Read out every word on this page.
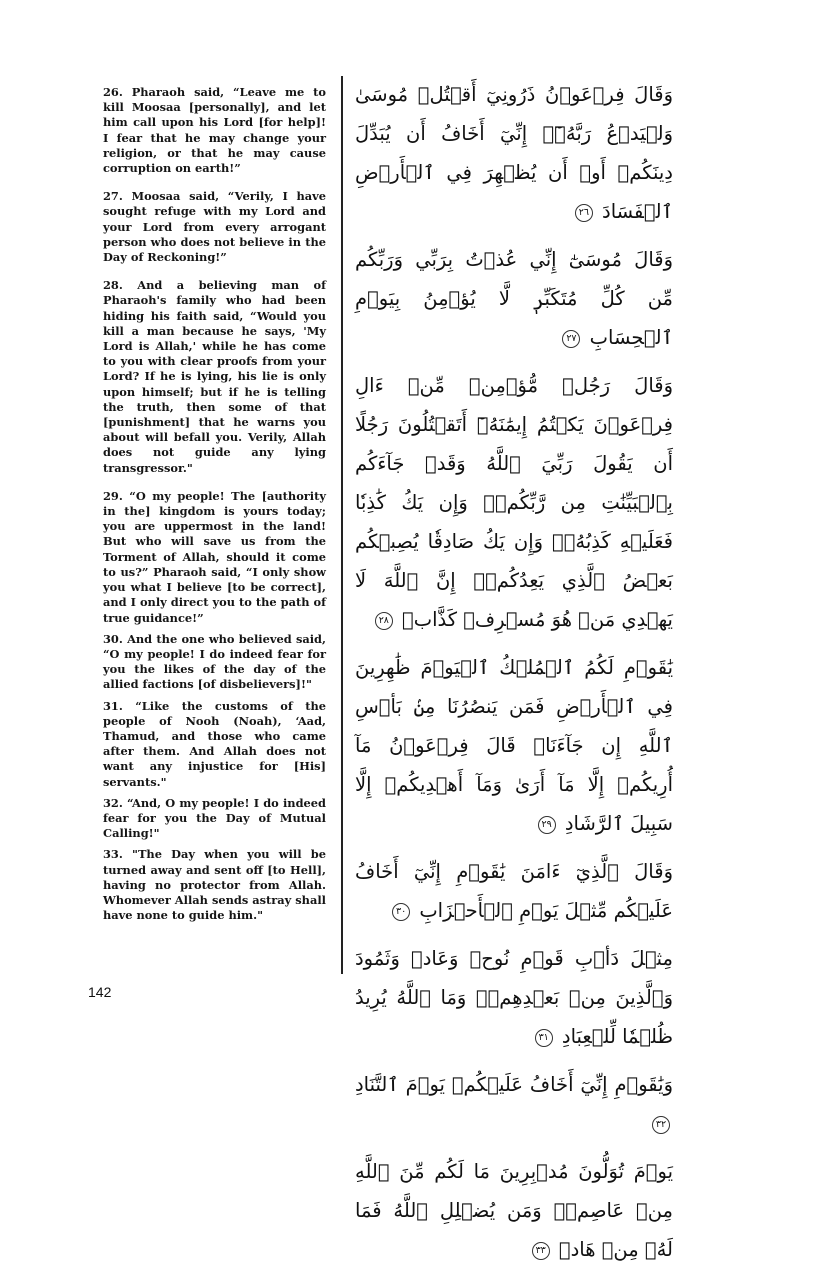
26. Pharaoh said, “Leave me to kill Moosaa [personally], and let him call upon his Lord [for help]! I fear that he may change your religion, or that he may cause corruption on earth!”

27. Moosaa said, “Verily, I have sought refuge with my Lord and your Lord from every arrogant person who does not believe in the Day of Reckoning!”

28. And a believing man of Pharaoh's family who had been hiding his faith said, “Would you kill a man because he says, 'My Lord is Allah,' while he has come to you with clear proofs from your Lord? If he is lying, his lie is only upon himself; but if he is telling the truth, then some of that [punishment] that he warns you about will befall you. Verily, Allah does not guide any lying transgressor."

29. “O my people! The [authority in the] kingdom is yours today; you are uppermost in the land! But who will save us from the Torment of Allah, should it come to us?” Pharaoh said, “I only show you what I believe [to be correct], and I only direct you to the path of true guidance!”

30. And the one who believed said, “O my people! I do indeed fear for you the likes of the day of the allied factions [of disbelievers]!"

31. “Like the customs of the people of Nooh (Noah), ‘Aad, Thamud, and those who came after them. And Allah does not want any injustice for [His] servants."

32. “And, O my people! I do indeed fear for you the Day of Mutual Calling!"

33. "The Day when you will be turned away and sent off [to Hell], having no protector from Allah. Whomever Allah sends astray shall have none to guide him."

وَقَالَ فِرۡعَوۡنُ ذَرُونِيٓ أَقۡتُلۡ مُوسَىٰ وَلۡيَدۡعُ رَبَّهُۥٓۖ إِنِّيٓ أَخَافُ أَن يُبَدِّلَ دِينَكُمۡ أَوۡ أَن يُظۡهِرَ فِي ٱلۡأَرۡضِ ٱلۡفَسَادَ ٢٦

وَقَالَ مُوسَىٰٓ إِنِّي عُذۡتُ بِرَبِّي وَرَبِّكُم مِّن كُلِّ مُتَكَبِّرٖ لَّا يُؤۡمِنُ بِيَوۡمِ ٱلۡحِسَابِ ٢٧

وَقَالَ رَجُلٞ مُّؤۡمِنٞ مِّنۡ ءَالِ فِرۡعَوۡنَ يَكۡتُمُ إِيمَٰنَهُۥٓ أَتَقۡتُلُونَ رَجُلًا أَن يَقُولَ رَبِّيَ ٱللَّهُ وَقَدۡ جَآءَكُم بِٱلۡبَيِّنَٰتِ مِن رَّبِّكُمۡۖ وَإِن يَكُ كَٰذِبٗا فَعَلَيۡهِ كَذِبُهُۥۖ وَإِن يَكُ صَادِقٗا يُصِبۡكُم بَعۡضُ ٱلَّذِي يَعِدُكُمۡۖ إِنَّ ٱللَّهَ لَا يَهۡدِي مَنۡ هُوَ مُسۡرِفٞ كَذَّابٞ ٢٨

يَٰقَوۡمِ لَكُمُ ٱلۡمُلۡكُ ٱلۡيَوۡمَ ظَٰهِرِينَ فِي ٱلۡأَرۡضِ فَمَن يَنصُرُنَا مِنۢ بَأۡسِ ٱللَّهِ إِن جَآءَنَاۚ قَالَ فِرۡعَوۡنُ مَآ أُرِيكُمۡ إِلَّا مَآ أَرَىٰ وَمَآ أَهۡدِيكُمۡ إِلَّا سَبِيلَ ٱلرَّشَادِ ٢٩

وَقَالَ ٱلَّذِيٓ ءَامَنَ يَٰقَوۡمِ إِنِّيٓ أَخَافُ عَلَيۡكُم مِّثۡلَ يَوۡمِ ٱلۡأَحۡزَابِ ٣٠

مِثۡلَ دَأۡبِ قَوۡمِ نُوحٖ وَعَادٖ وَثَمُودَ وَٱلَّذِينَ مِنۢ بَعۡدِهِمۡۚ وَمَا ٱللَّهُ يُرِيدُ ظُلۡمٗا لِّلۡعِبَادِ ٣١

وَيَٰقَوۡمِ إِنِّيٓ أَخَافُ عَلَيۡكُمۡ يَوۡمَ ٱلتَّنَادِ ٣٢

يَوۡمَ تُوَلُّونَ مُدۡبِرِينَ مَا لَكُم مِّنَ ٱللَّهِ مِنۡ عَاصِمٖۗ وَمَن يُضۡلِلِ ٱللَّهُ فَمَا لَهُۥ مِنۡ هَادٖ ٣٣

142
